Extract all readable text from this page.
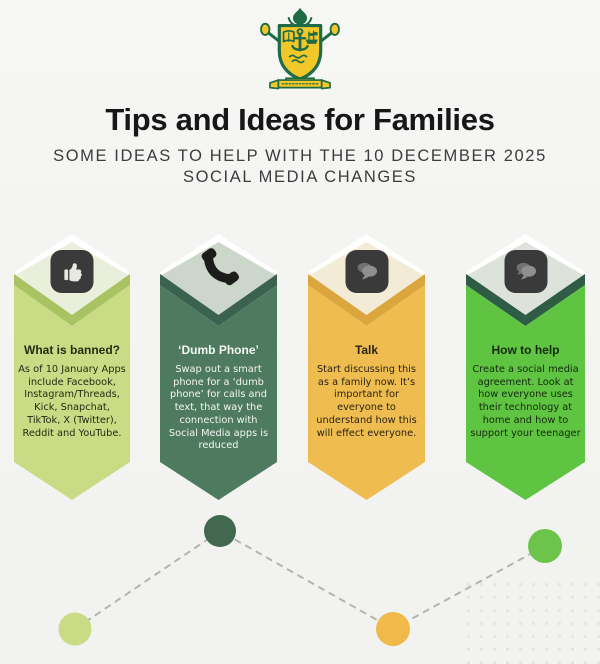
Tips and Ideas for Families
SOME IDEAS TO HELP WITH THE 10 DECEMBER 2025
SOCIAL MEDIA CHANGES

What is banned?

As of 10 January Apps include Facebook, Instagram/Threads, Kick, Snapchat, TikTok, X (Twitter), Reddit and YouTube.

‘Dumb Phone’

Swap out a smart phone for a ‘dumb phone’ for calls and text, that way the connection with Social Media apps is reduced

Talk

Start discussing this as a family now. It’s important for everyone to understand how this will effect everyone.

How to help

Create a social media agreement. Look at how everyone uses their technology at home and how to support your teenager
